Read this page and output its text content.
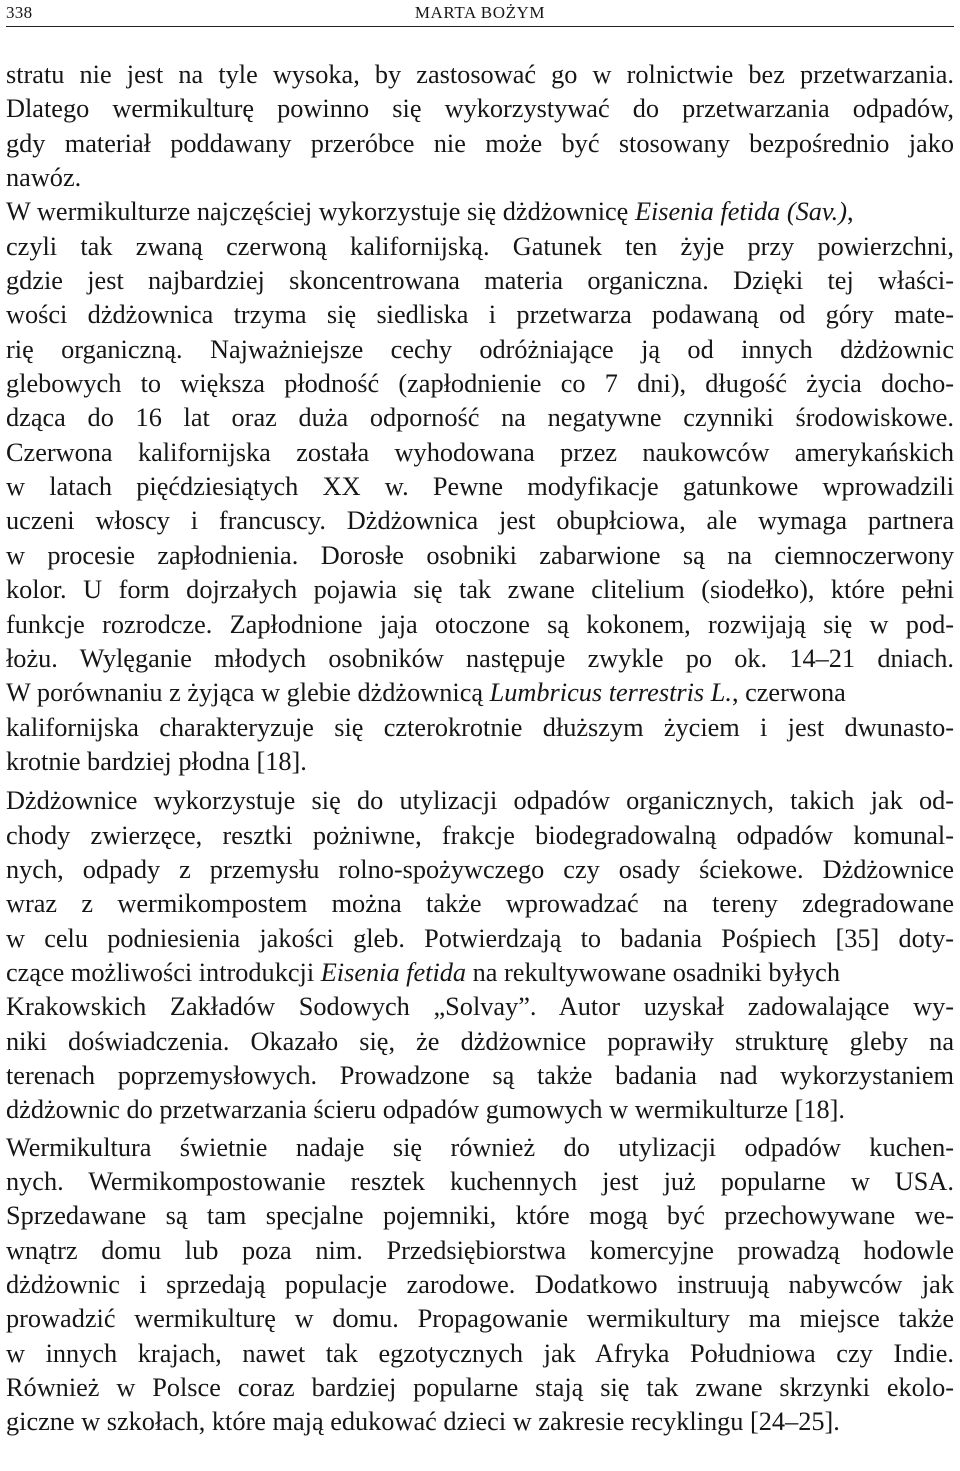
338	MARTA BOŻYM

stratu nie jest na tyle wysoka, by zastosować go w rolnictwie bez przetwarzania.
Dlatego wermikulturę powinno się wykorzystywać do przetwarzania odpadów,
gdy materiał poddawany przeróbce nie może być stosowany bezpośrednio jako
nawóz.

W wermikulturze najczęściej wykorzystuje się dżdżownicę Eisenia fetida (Sav.),
czyli tak zwaną czerwoną kalifornijską. Gatunek ten żyje przy powierzchni,
gdzie jest najbardziej skoncentrowana materia organiczna. Dzięki tej właści-
wości dżdżownica trzyma się siedliska i przetwarza podawaną od góry mate-
rię organiczną. Najważniejsze cechy odróżniające ją od innych dżdżownic
glebowych to większa płodność (zapłodnienie co 7 dni), długość życia docho-
dząca do 16 lat oraz duża odporność na negatywne czynniki środowiskowe.
Czerwona kalifornijska została wyhodowana przez naukowców amerykańskich
w latach pięćdziesiątych XX w. Pewne modyfikacje gatunkowe wprowadzili
uczeni włoscy i francuscy. Dżdżownica jest obupłciowa, ale wymaga partnera
w procesie zapłodnienia. Dorosłe osobniki zabarwione są na ciemnoczerwony
kolor. U form dojrzałych pojawia się tak zwane clitelium (siodełko), które pełni
funkcje rozrodcze. Zapłodnione jaja otoczone są kokonem, rozwijają się w pod-
łożu. Wylęganie młodych osobników następuje zwykle po ok. 14–21 dniach.
W porównaniu z żyjąca w glebie dżdżownicą Lumbricus terrestris L., czerwona
kalifornijska charakteryzuje się czterokrotnie dłuższym życiem i jest dwunasto-
krotnie bardziej płodna [18].

Dżdżownice wykorzystuje się do utylizacji odpadów organicznych, takich jak od-
chody zwierzęce, resztki pożniwne, frakcje biodegradowalną odpadów komunal-
nych, odpady z przemysłu rolno-spożywczego czy osady ściekowe. Dżdżownice
wraz z wermikompostem można także wprowadzać na tereny zdegradowane
w celu podniesienia jakości gleb. Potwierdzają to badania Pośpiech [35] doty-
czące możliwości introdukcji Eisenia fetida na rekultywowane osadniki byłych
Krakowskich Zakładów Sodowych „Solvay”. Autor uzyskał zadowalające wy-
niki doświadczenia. Okazało się, że dżdżownice poprawiły strukturę gleby na
terenach poprzemysłowych. Prowadzone są także badania nad wykorzystaniem
dżdżownic do przetwarzania ścieru odpadów gumowych w wermikulturze [18].

Wermikultura świetnie nadaje się również do utylizacji odpadów kuchen-
nych. Wermikompostowanie resztek kuchennych jest już popularne w USA.
Sprzedawane są tam specjalne pojemniki, które mogą być przechowywane we-
wnątrz domu lub poza nim. Przedsiębiorstwa komercyjne prowadzą hodowle
dżdżownic i sprzedają populacje zarodowe. Dodatkowo instruują nabywców jak
prowadzić wermikulturę w domu. Propagowanie wermikultury ma miejsce także
w innych krajach, nawet tak egzotycznych jak Afryka Południowa czy Indie.
Również w Polsce coraz bardziej popularne stają się tak zwane skrzynki ekolo-
giczne w szkołach, które mają edukować dzieci w zakresie recyklingu [24–25].
